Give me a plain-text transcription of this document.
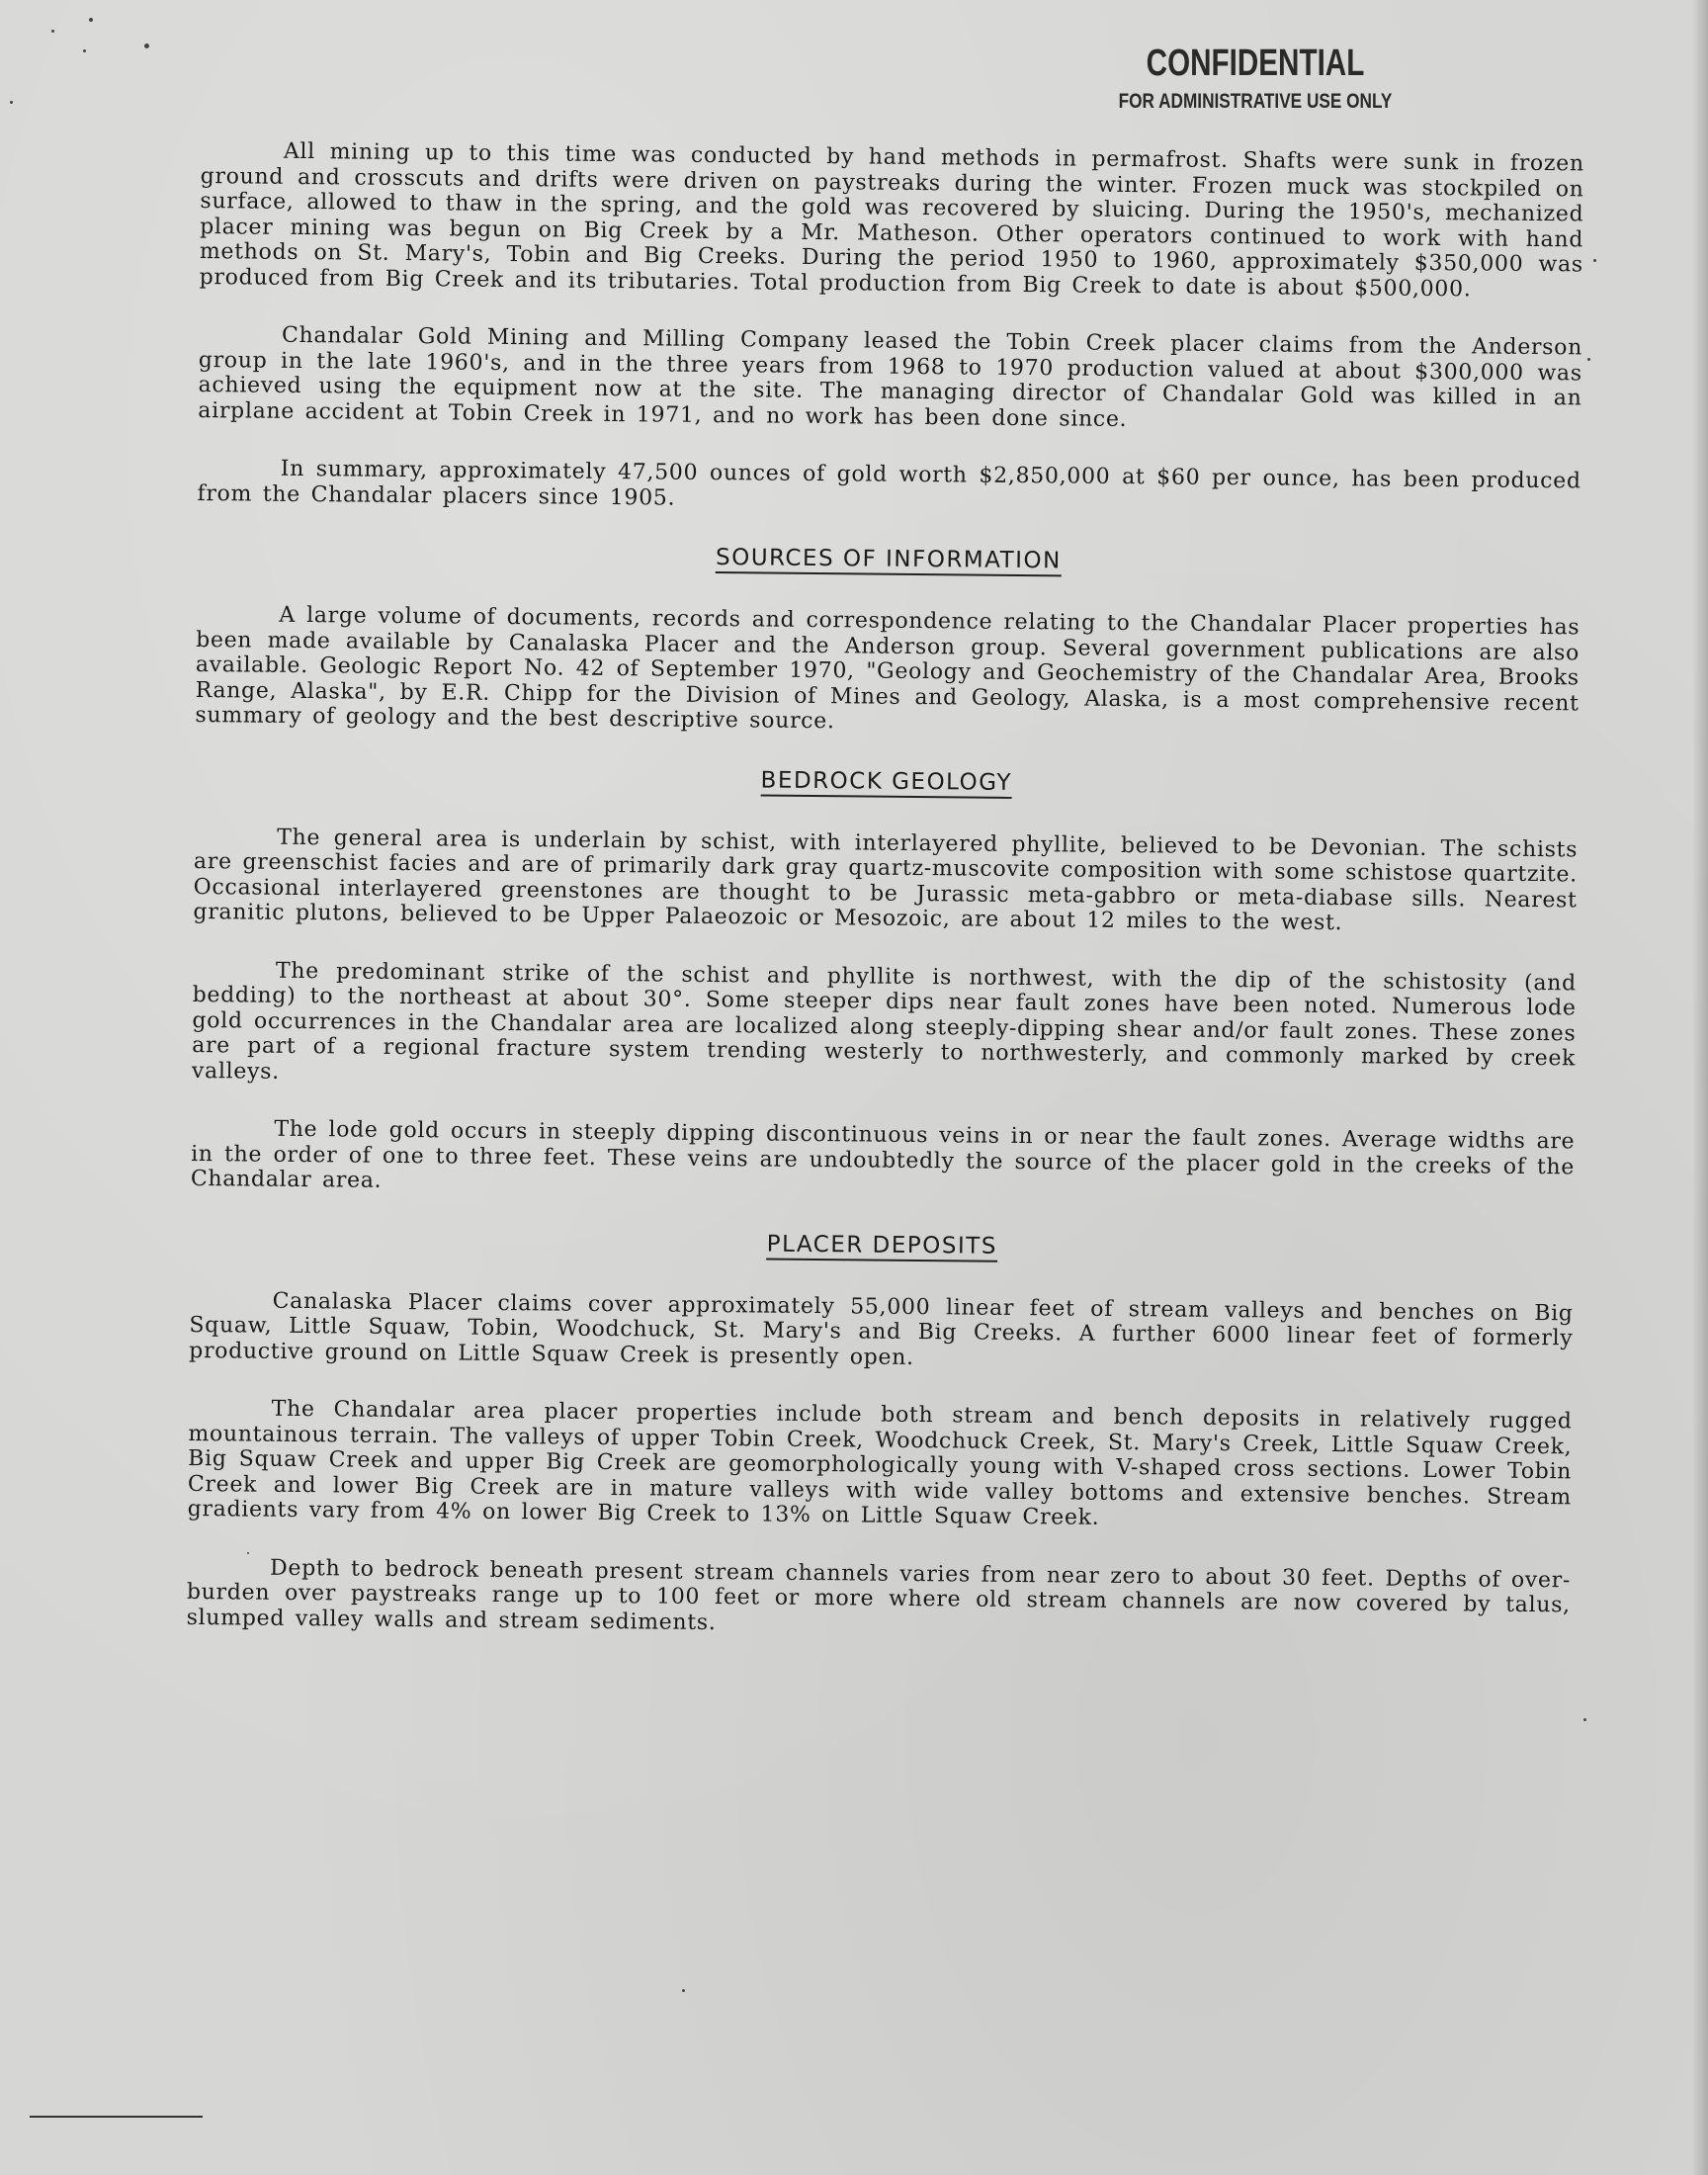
CONFIDENTIAL
FOR ADMINISTRATIVE USE ONLY

All mining up to this time was conducted by hand methods in permafrost. Shafts were sunk in frozen ground and crosscuts and drifts were driven on paystreaks during the winter. Frozen muck was stockpiled on surface, allowed to thaw in the spring, and the gold was recovered by sluicing. During the 1950's, mechanized placer mining was begun on Big Creek by a Mr. Matheson. Other operators continued to work with hand methods on St. Mary's, Tobin and Big Creeks. During the period 1950 to 1960, approximately $350,000 was produced from Big Creek and its tributaries. Total production from Big Creek to date is about $500,000.

Chandalar Gold Mining and Milling Company leased the Tobin Creek placer claims from the Anderson group in the late 1960's, and in the three years from 1968 to 1970 production valued at about $300,000 was achieved using the equipment now at the site. The managing director of Chandalar Gold was killed in an airplane accident at Tobin Creek in 1971, and no work has been done since.

In summary, approximately 47,500 ounces of gold worth $2,850,000 at $60 per ounce, has been produced from the Chandalar placers since 1905.

SOURCES OF INFORMATION

A large volume of documents, records and correspondence relating to the Chandalar Placer properties has been made available by Canalaska Placer and the Anderson group. Several government publications are also available. Geologic Report No. 42 of September 1970, "Geology and Geochemistry of the Chandalar Area, Brooks Range, Alaska", by E.R. Chipp for the Division of Mines and Geology, Alaska, is a most comprehensive recent summary of geology and the best descriptive source.

BEDROCK GEOLOGY

The general area is underlain by schist, with interlayered phyllite, believed to be Devonian. The schists are greenschist facies and are of primarily dark gray quartz-muscovite composition with some schistose quartzite. Occasional interlayered greenstones are thought to be Jurassic meta-gabbro or meta-diabase sills. Nearest granitic plutons, believed to be Upper Palaeozoic or Mesozoic, are about 12 miles to the west.

The predominant strike of the schist and phyllite is northwest, with the dip of the schistosity (and bedding) to the northeast at about 30°. Some steeper dips near fault zones have been noted. Numerous lode gold occurrences in the Chandalar area are localized along steeply-dipping shear and/or fault zones. These zones are part of a regional fracture system trending westerly to northwesterly, and commonly marked by creek valleys.

The lode gold occurs in steeply dipping discontinuous veins in or near the fault zones. Average widths are in the order of one to three feet. These veins are undoubtedly the source of the placer gold in the creeks of the Chandalar area.

PLACER DEPOSITS

Canalaska Placer claims cover approximately 55,000 linear feet of stream valleys and benches on Big Squaw, Little Squaw, Tobin, Woodchuck, St. Mary's and Big Creeks. A further 6000 linear feet of formerly productive ground on Little Squaw Creek is presently open.

The Chandalar area placer properties include both stream and bench deposits in relatively rugged mountainous terrain. The valleys of upper Tobin Creek, Woodchuck Creek, St. Mary's Creek, Little Squaw Creek, Big Squaw Creek and upper Big Creek are geomorphologically young with V-shaped cross sections. Lower Tobin Creek and lower Big Creek are in mature valleys with wide valley bottoms and extensive benches. Stream gradients vary from 4% on lower Big Creek to 13% on Little Squaw Creek.

Depth to bedrock beneath present stream channels varies from near zero to about 30 feet. Depths of over-burden over paystreaks range up to 100 feet or more where old stream channels are now covered by talus, slumped valley walls and stream sediments.
